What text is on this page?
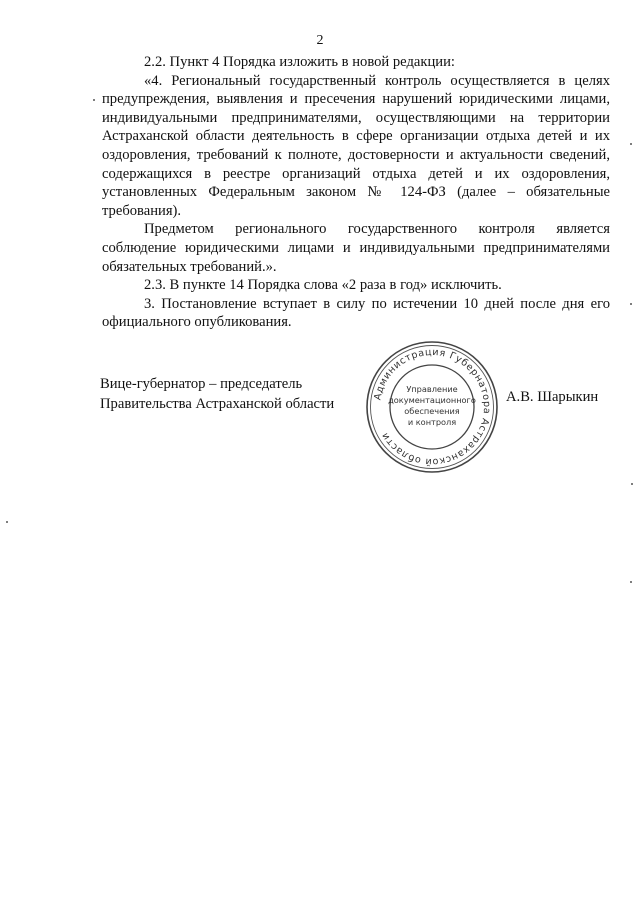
2

2.2. Пункт 4 Порядка изложить в новой редакции:

«4. Региональный государственный контроль осуществляется в целях предупреждения, выявления и пресечения нарушений юридическими лицами, индивидуальными предпринимателями, осуществляющими на территории Астраханской области деятельность в сфере организации отдыха детей и их оздоровления, требований к полноте, достоверности и актуальности сведений, содержащихся в реестре организаций отдыха детей и их оздоровления, установленных Федеральным законом № 124-ФЗ (далее – обязательные требования).

Предметом регионального государственного контроля является соблюдение юридическими лицами и индивидуальными предпринимателями обязательных требований.».

2.3. В пункте 14 Порядка слова «2 раза в год» исключить.

3. Постановление вступает в силу по истечении 10 дней после дня его официального опубликования.

Вице-губернатор – председатель
Правительства Астраханской области	А.В. Шарыкин
Администрация Губернатора Астраханской области
Управление
документационного
обеспечения
и контроля
